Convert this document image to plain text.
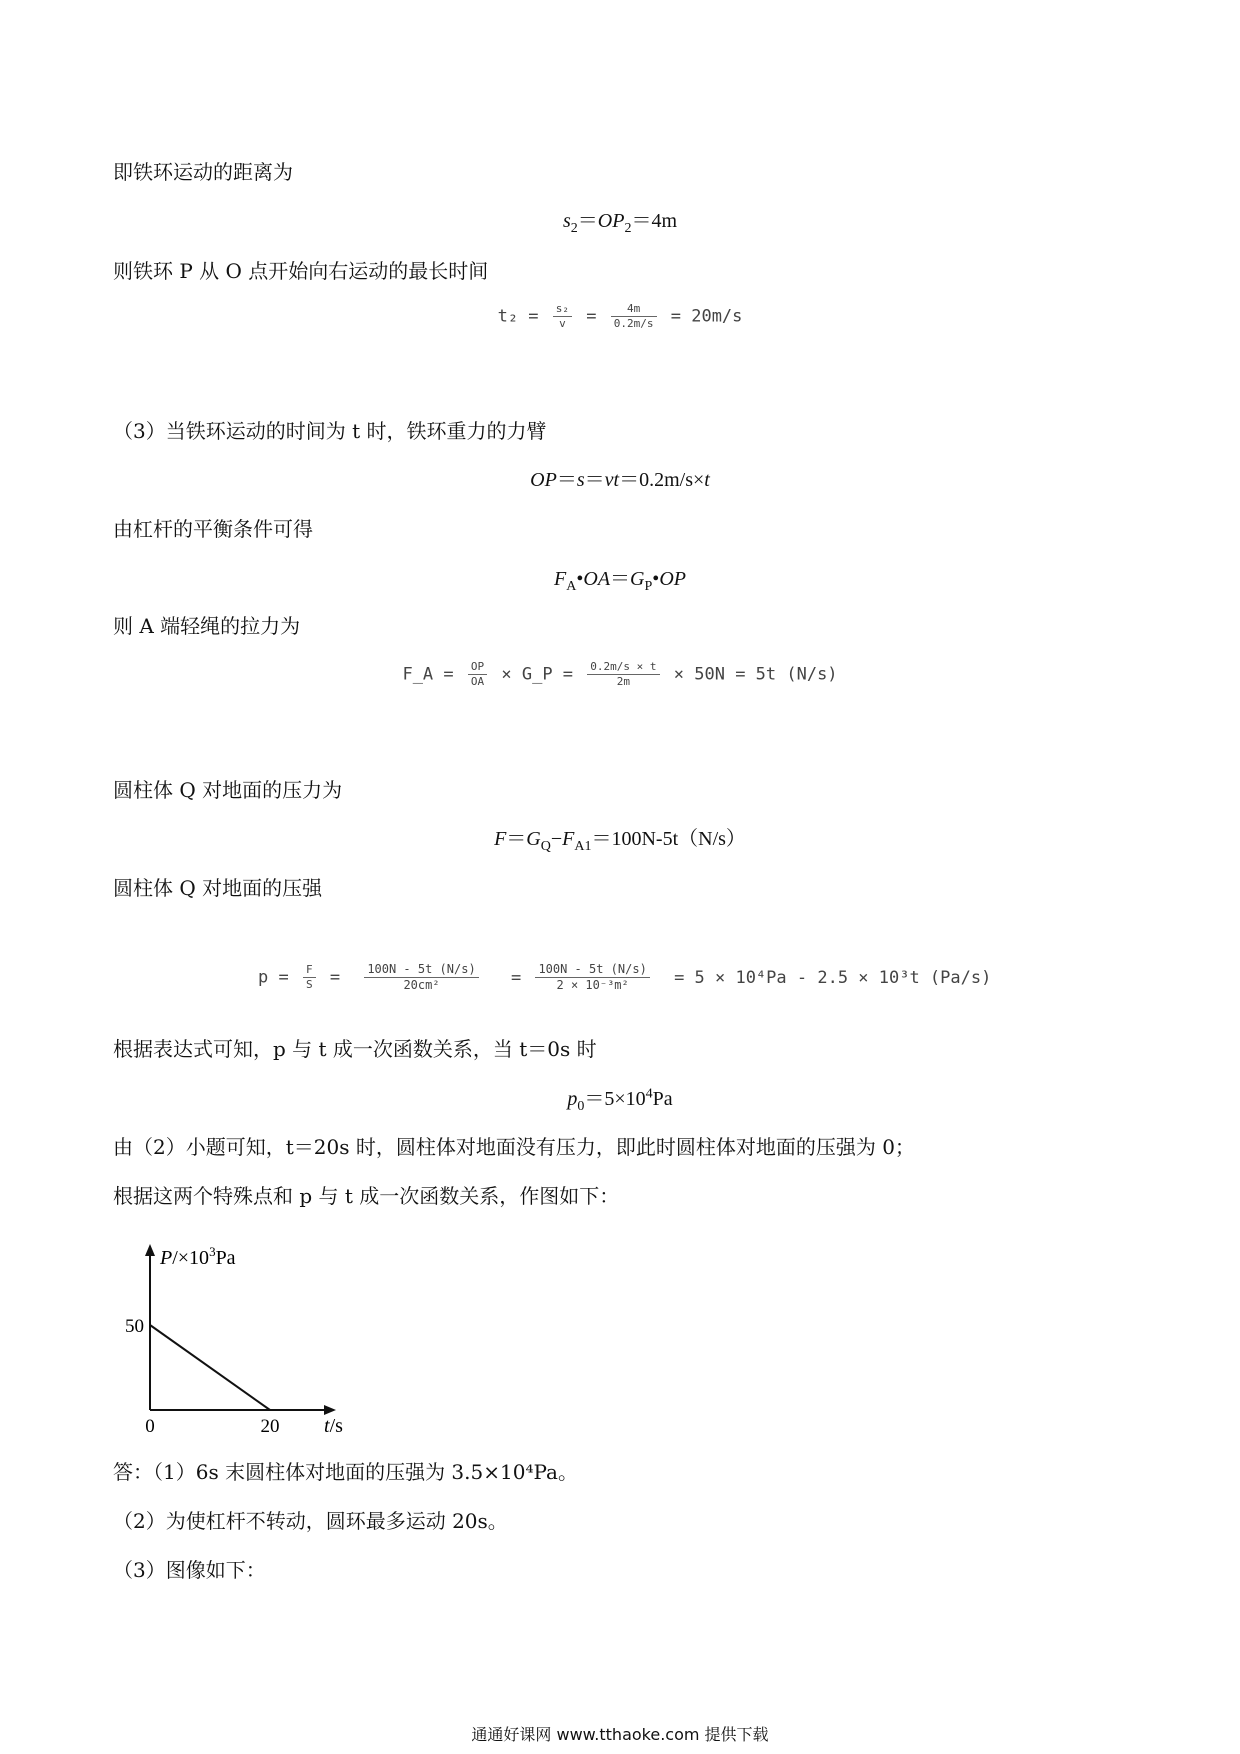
即铁环运动的距离为
$s_2=OP_2=4m$
则铁环 P 从 O 点开始向右运动的最长时间
$t_2 = \frac{\text{s₂}}{v} = \frac{4m}{0.2m/s} = 20m/s$
（3）当铁环运动的时间为 t 时，铁环重力的力臂
OP＝s＝vt＝0.2m/s×t
由杠杆的平衡条件可得
$F_A•OA=G_P•OP$
则 A 端轻绳的拉力为
F_A = $\frac{OP}{OA}$ × G_P = $\frac{0.2m/s \times t}{2m} \times 50N = 5t$ (N/s)
圆柱体 Q 对地面的压力为
$F=G_Q-F_{A1}=100N-5t(N/s)$
圆柱体 Q 对地面的压强
$p = \frac{F}{S} = \frac{100N - 5t (N/s)}{\text{20cm²}} = \frac{100N - 5t (N/s)}{\text{2 × 10⁻³m²}} = 5 \times 10^4Pa - 2.5 \times 10^3t$ (Pa/s)
根据表达式可知，p 与 t 成一次函数关系，当 t＝0s 时
$p_0=5\times 10^4Pa$
由（2）小题可知，t＝20s 时，圆柱体对地面没有压力，即此时圆柱体对地面的压强为 0；
根据这两个特殊点和 p 与 t 成一次函数关系，作图如下：
$P/\times 10^3Pa$
t/s
0	20
50
答：（1）6s 末圆柱体对地面的压强为 3.5×10⁴Pa。
（2）为使杠杆不转动，圆环最多运动 20s。
（3）图像如下：
通通好课网 www.tthaoke.com 提供下载
